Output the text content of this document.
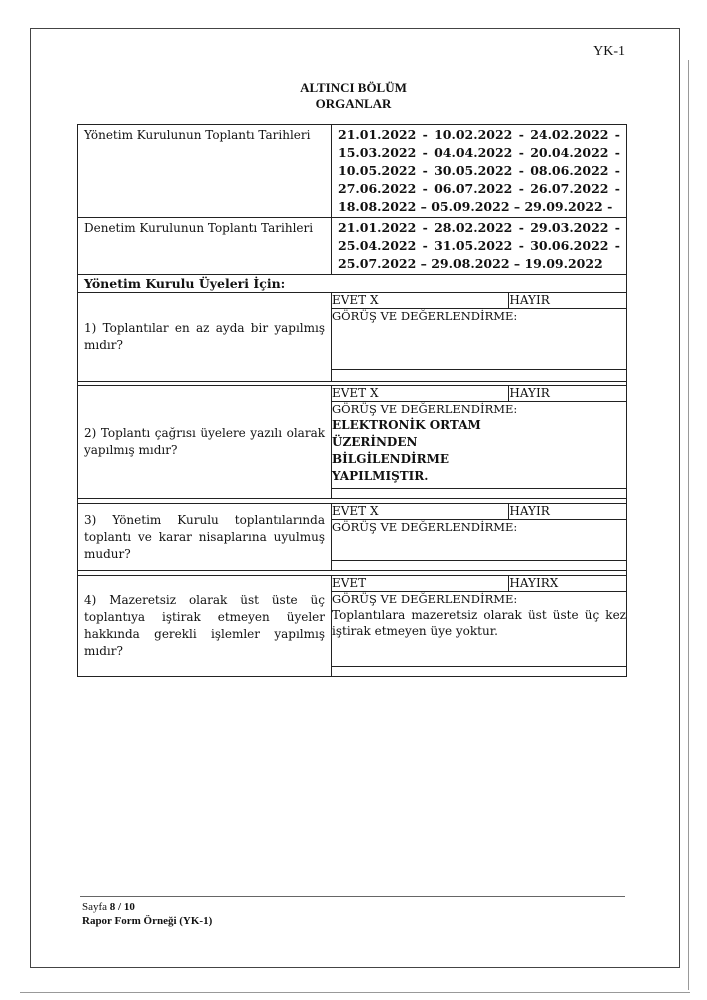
YK-1
ALTINCI BÖLÜM
ORGANLAR
Yönetim Kurulunun Toplantı Tarihleri	21.01.2022 - 10.02.2022 - 24.02.2022 -
15.03.2022 - 04.04.2022 - 20.04.2022 -
10.05.2022 - 30.05.2022 - 08.06.2022 -
27.06.2022 - 06.07.2022 - 26.07.2022 -
18.08.2022 – 05.09.2022 – 29.09.2022 -

Denetim Kurulunun Toplantı Tarihleri	21.01.2022 - 28.02.2022 - 29.03.2022 -
25.04.2022 - 31.05.2022 - 30.06.2022 -
25.07.2022 – 29.08.2022 – 19.09.2022

Yönetim Kurulu Üyeleri İçin:
1) Toplantılar en az ayda bir yapılmış mıdır?	
EVET X	HAYIR
GÖRÜŞ VE DEĞERLENDİRME:

2) Toplantı çağrısı üyelere yazılı olarak yapılmış mıdır?	
EVET X	HAYIR
GÖRÜŞ VE DEĞERLENDİRME:
ELEKTRONİK ORTAM ÜZERİNDEN BİLGİLENDİRME YAPILMIŞTIR.

3) Yönetim Kurulu toplantılarında toplantı ve karar nisaplarına uyulmuş mudur?	
EVET X	HAYIR
GÖRÜŞ VE DEĞERLENDİRME:

4) Mazeretsiz olarak üst üste üç toplantıya iştirak etmeyen üyeler hakkında gerekli işlemler yapılmış mıdır?	
EVET	HAYIRX
GÖRÜŞ VE DEĞERLENDİRME:
Toplantılara mazeretsiz olarak üst üste üç kez iştirak etmeyen üye yoktur.
Sayfa 8 / 10
Rapor Form Örneği (YK-1)
